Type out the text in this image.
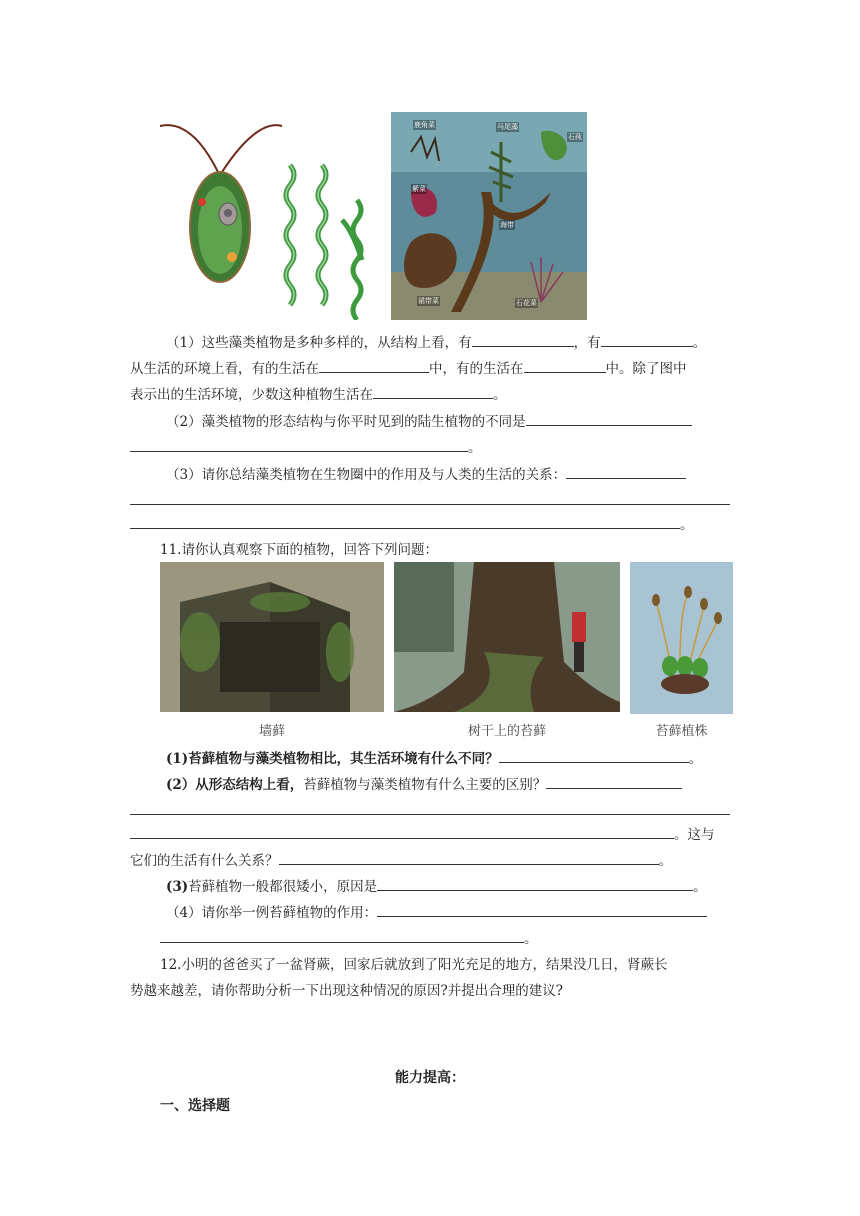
鹿角菜	马尾藻
石莼
紫菜
海带
裙带菜	石花菜
（1）这些藻类植物是多种多样的，从结构上看，有	，有	。
从生活的环境上看，有的生活在	中，有的生活在	中。除了图中
表示出的生活环境，少数这种植物生活在	。
（2）藻类植物的形态结构与你平时见到的陆生植物的不同是
。
（3）请你总结藻类植物在生物圈中的作用及与人类的生活的关系：
。
11.请你认真观察下面的植物，回答下列问题：
墙藓	树干上的苔藓	苔藓植株
(1)苔藓植物与藻类植物相比，其生活环境有什么不同？	。
(2）从形态结构上看，苔藓植物与藻类植物有什么主要的区别？
。这与
它们的生活有什么关系？	。
(3)苔藓植物一般都很矮小，原因是	。
（4）请你举一例苔藓植物的作用：
。
12.小明的爸爸买了一盆肾蕨，回家后就放到了阳光充足的地方，结果没几日，肾蕨长
势越来越差，请你帮助分析一下出现这种情况的原因?并提出合理的建议?
能力提高：
一、选择题
